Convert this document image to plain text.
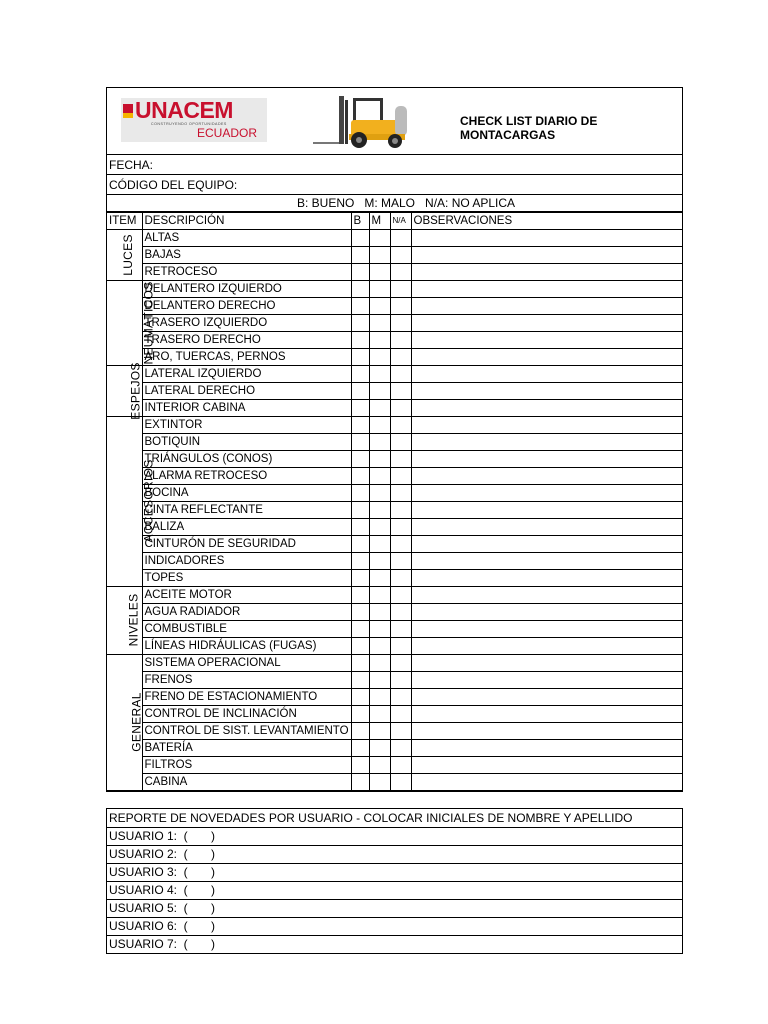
UNACEM
CONSTRUYENDO OPORTUNIDADES
ECUADOR
CHECK LIST DIARIO DE MONTACARGAS
FECHA:
CÓDIGO DEL EQUIPO:
B: BUENO   M: MALO   N/A: NO APLICA
ITEM	DESCRIPCIÓN	B	M	N/A	OBSERVACIONES
LUCES	ALTAS				
	BAJAS				
	RETROCESO				
NEUMÁTICOS	DELANTERO IZQUIERDO				
	DELANTERO DERECHO				
	TRASERO IZQUIERDO				
	TRASERO DERECHO				
	ARO, TUERCAS, PERNOS				
ESPEJOS	LATERAL IZQUIERDO				
	LATERAL DERECHO				
	INTERIOR CABINA				
ACCESORIOS	EXTINTOR				
	BOTIQUIN				
	TRIÁNGULOS (CONOS)				
	ALARMA RETROCESO				
	BOCINA				
	CINTA REFLECTANTE				
	BALIZA				
	CINTURÓN DE SEGURIDAD				
	INDICADORES				
	TOPES				
NIVELES	ACEITE MOTOR				
	AGUA RADIADOR				
	COMBUSTIBLE				
	LÍNEAS HIDRÁULICAS (FUGAS)				
GENERAL	SISTEMA OPERACIONAL				
	FRENOS				
	FRENO DE ESTACIONAMIENTO				
	CONTROL DE INCLINACIÓN				
	CONTROL DE SIST. LEVANTAMIENTO				
	BATERÍA				
	FILTROS				
	CABINA				
REPORTE DE NOVEDADES POR USUARIO - COLOCAR INICIALES DE NOMBRE Y APELLIDO
USUARIO 1:  (       )
USUARIO 2:  (       )
USUARIO 3:  (       )
USUARIO 4:  (       )
USUARIO 5:  (       )
USUARIO 6:  (       )
USUARIO 7:  (       )
